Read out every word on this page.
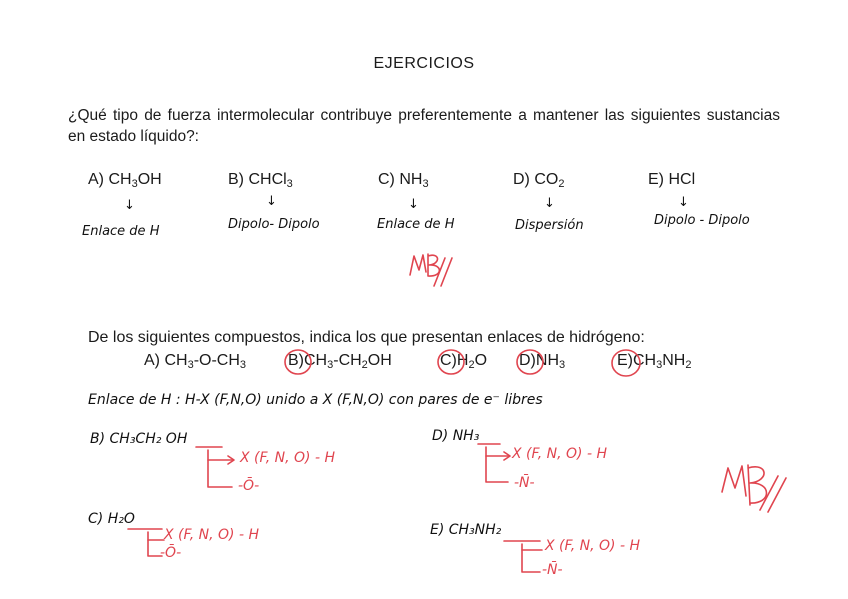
EJERCICIOS
¿Qué tipo de fuerza intermolecular contribuye preferentemente a mantener las siguientes sustancias en estado líquido?:
A) $CH_3OH$	B) CHCl$_3$	C) $NH_3$	D) $CO_2$	E) HCl
↓	↓	↓	↓	↓
Enlace de H	Dipolo- Dipolo	Enlace de H	Dispersión	Dipolo - Dipolo
De los siguientes compuestos, indica los que presentan enlaces de hidrógeno:
A) $CH_3-O-CH_3$	$B)CH_3-CH_2OH$	$C)H_2O$ $D)NH_3$	$E)CH_3NH_2$
Enlace de H : H-X (F,N,O) unido a X (F,N,O) con pares de e⁻ libres
B) CH₃CH₂ OH
X (F, N, O) - H
-Ō-
D) NH₃
X (F, N, O) - H
-N̄-
C) H₂O
X (F, N, O) - H
-Ō-
E) CH₃NH₂
X (F, N, O) - H
-N̄-
